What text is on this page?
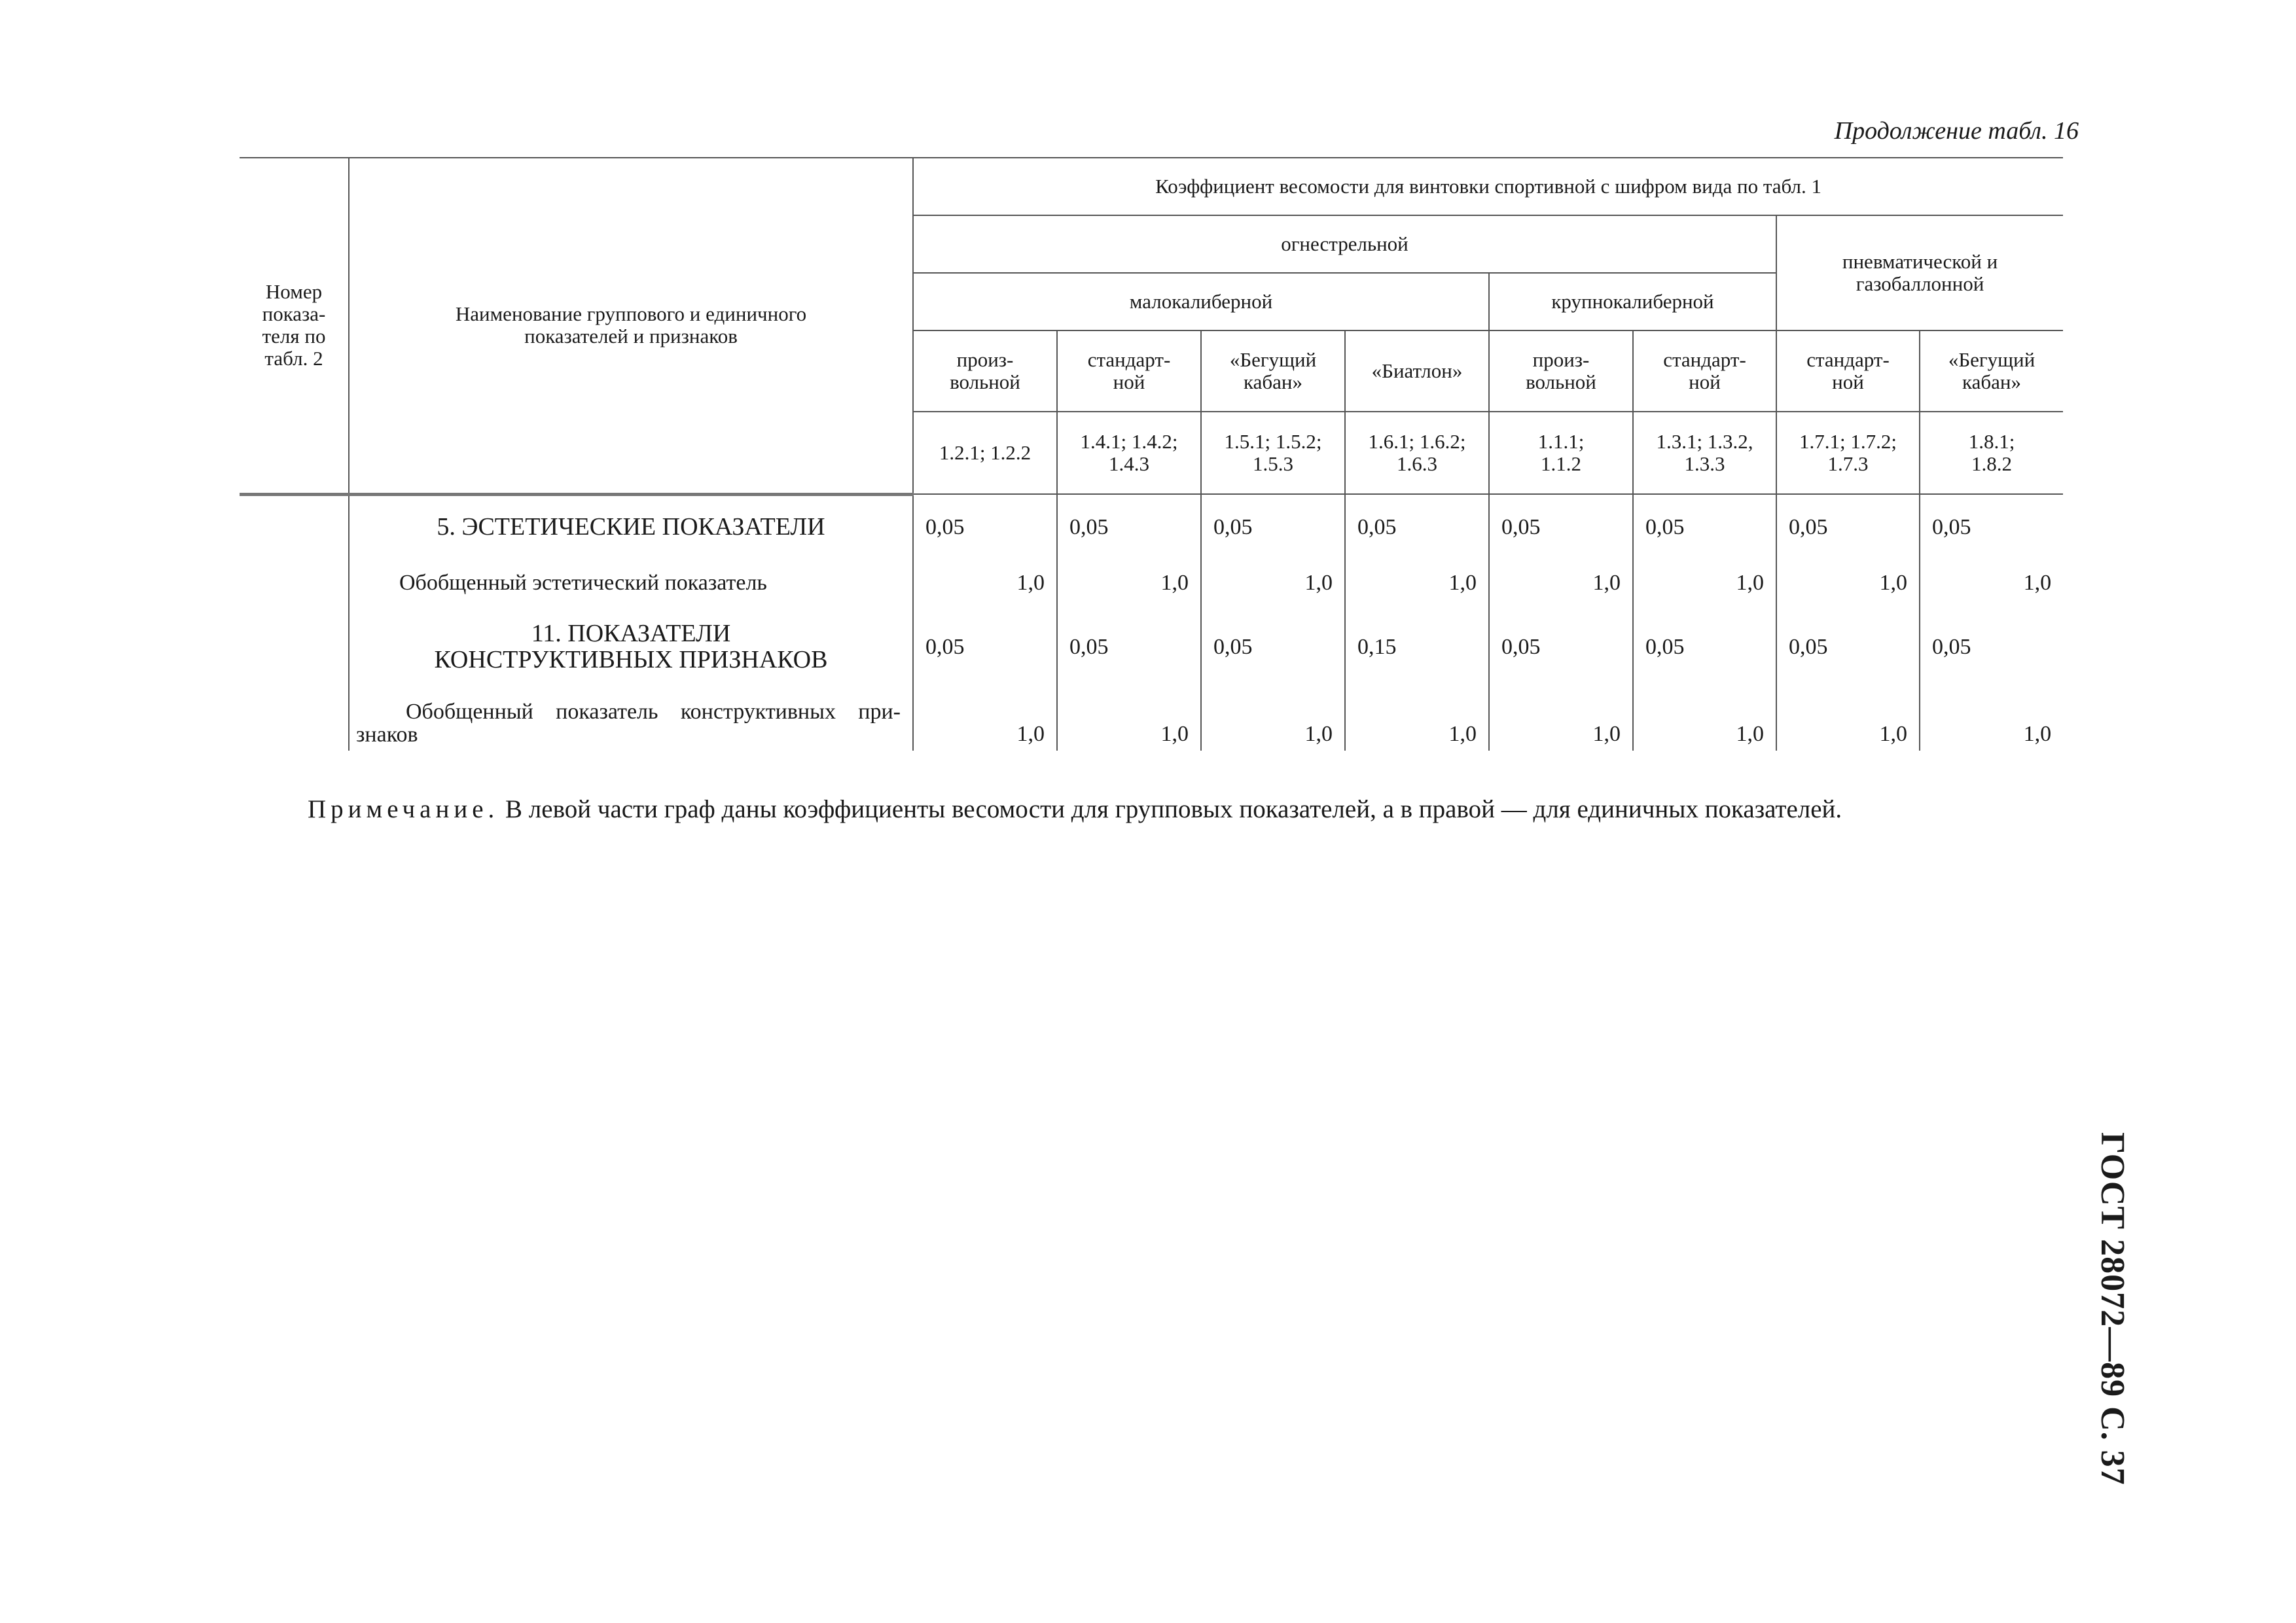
Продолжение табл. 16
Номер показа-теля по табл. 2	Наименование группового и единичного показателей и признаков	Коэффициент весомости для винтовки спортивной с шифром вида по табл. 1							
		огнестрельной						пневматической и газобаллонной	
		малокалиберной				крупнокалиберной			
		произ-вольной	стандарт-ной	«Бегущий кабан»	«Биатлон»	произ-вольной	стандарт-ной	стандарт-ной	«Бегущий кабан»
		1.2.1; 1.2.2	1.4.1; 1.4.2; 1.4.3	1.5.1; 1.5.2; 1.5.3	1.6.1; 1.6.2; 1.6.3	1.1.1; 1.1.2	1.3.1; 1.3.2, 1.3.3	1.7.1; 1.7.2; 1.7.3	1.8.1; 1.8.2
	5. ЭСТЕТИЧЕСКИЕ ПОКАЗАТЕЛИ	0,05	0,05	0,05	0,05	0,05	0,05	0,05	0,05
	Обобщенный эстетический показатель	1,0	1,0	1,0	1,0	1,0	1,0	1,0	1,0
	11. ПОКАЗАТЕЛИ КОНСТРУКТИВНЫХ ПРИЗНАКОВ	0,05	0,05	0,05	0,15	0,05	0,05	0,05	0,05
	Обобщенный показатель конструктивных при-знаков	1,0	1,0	1,0	1,0	1,0	1,0	1,0	1,0
Примечание. В левой части граф даны коэффициенты весомости для групповых показателей, а в правой — для единичных показателей.
ГОСТ 28072—89 С. 37
